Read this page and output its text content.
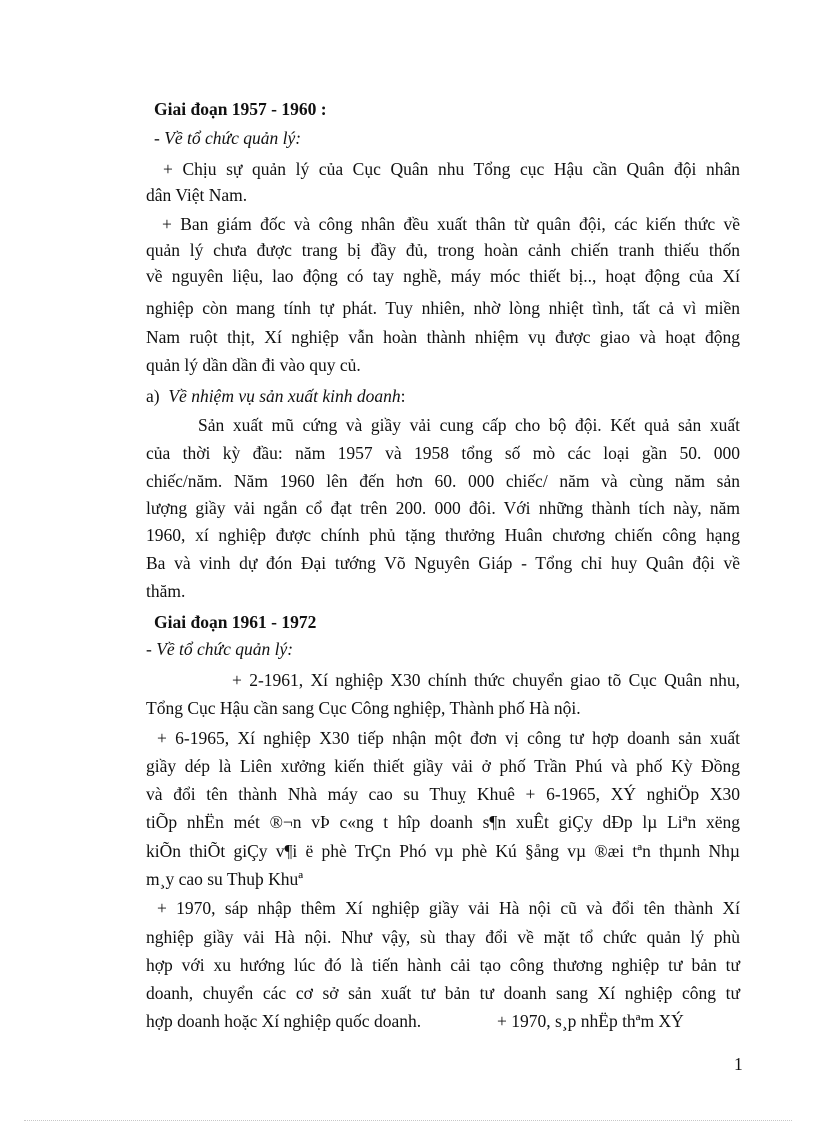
Giai đoạn 1957 - 1960 :
- Về tổ chức quản lý:
+ Chịu sự quản lý của Cục Quân nhu Tổng cục Hậu cần Quân đội nhân
dân Việt Nam.
+ Ban giám đốc và công nhân đều xuất thân từ quân đội, các kiến thức về
quản lý chưa được trang bị đầy đủ, trong hoàn cảnh chiến tranh thiếu thốn
về nguyên liệu, lao động có tay nghề, máy móc thiết bị.., hoạt động của Xí
nghiệp còn mang tính tự phát. Tuy nhiên, nhờ lòng nhiệt tình, tất cả vì miền
Nam ruột thịt, Xí nghiệp vẫn hoàn thành nhiệm vụ được giao và hoạt động
quản lý dần dần đi vào quy củ.
a) Về nhiệm vụ sản xuất kinh doanh:
Sản xuất mũ cứng và giầy vải cung cấp cho bộ đội. Kết quả sản xuất
của thời kỳ đầu: năm 1957 và 1958 tổng số mò các loại gần 50. 000
chiếc/năm. Năm 1960 lên đến hơn 60. 000 chiếc/ năm và cùng năm sản
lượng giầy vải ngắn cổ đạt trên 200. 000 đôi. Với những thành tích này, năm
1960, xí nghiệp được chính phủ tặng thưởng Huân chương chiến công hạng
Ba và vinh dự đón Đại tướng Võ Nguyên Giáp - Tổng chỉ huy Quân đội về
thăm.
Giai đoạn 1961 - 1972
- Về tổ chức quản lý:
+ 2-1961, Xí nghiệp X30 chính thức chuyển giao tõ Cục Quân nhu,
Tổng Cục Hậu cần sang Cục Công nghiệp, Thành phố Hà nội.
+ 6-1965, Xí nghiệp X30 tiếp nhận một đơn vị công tư hợp doanh sản xuất
giầy dép là Liên xưởng kiến thiết giầy vải ở phố Trần Phú và phố Kỳ Đồng
và đổi tên thành Nhà máy cao su Thuỵ Khuê + 6-1965, XÝ nghiÖp X30
tiÕp nhËn mét ®¬n vÞ c«ng t hîp doanh s¶n xuÊt giÇy dÐp lµ Liªn xëng
kiÕn thiÕt giÇy v¶i ë phè TrÇn Phó vµ phè Kú §ång vµ ®æi tªn thµnh Nhµ
m¸y cao su Thuþ Khuª
+ 1970, sáp nhập thêm Xí nghiệp giầy vải Hà nội cũ và đổi tên thành Xí
nghiệp giầy vải Hà nội. Như vậy, sù thay đổi về mặt tổ chức quản lý phù
hợp với xu hướng lúc đó là tiến hành cải tạo công thương nghiệp tư bản tư
doanh, chuyển các cơ sở sản xuất tư bản tư doanh sang Xí nghiệp công tư
hợp doanh hoặc Xí nghiệp quốc doanh.	+ 1970, s¸p nhËp thªm XÝ
1
